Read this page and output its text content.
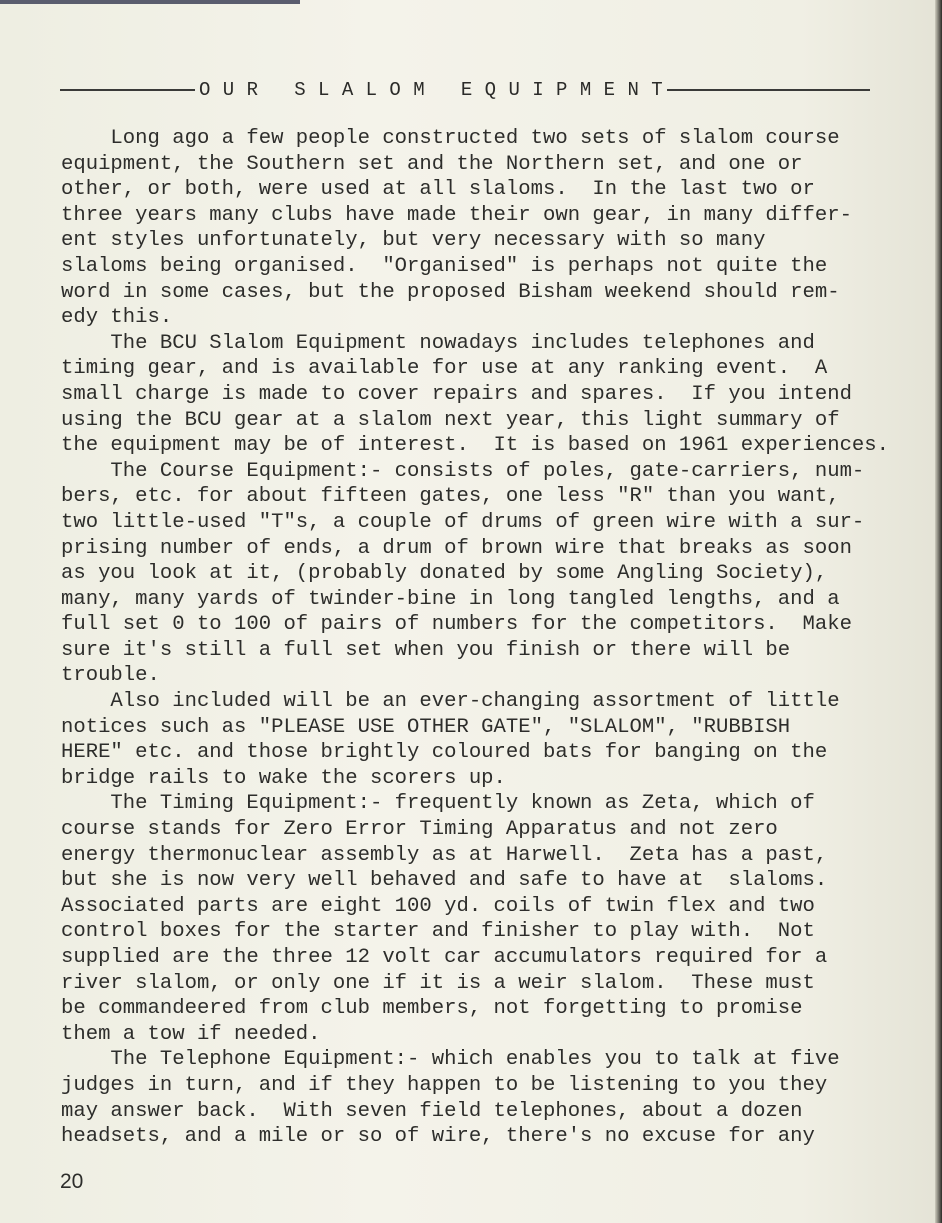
O U R   S L A L O M   E Q U I P M E N T
Long ago a few people constructed two sets of slalom course
equipment, the Southern set and the Northern set, and one or
other, or both, were used at all slaloms.  In the last two or
three years many clubs have made their own gear, in many differ-
ent styles unfortunately, but very necessary with so many
slaloms being organised.  "Organised" is perhaps not quite the
word in some cases, but the proposed Bisham weekend should rem-
edy this.
The BCU Slalom Equipment nowadays includes telephones and
timing gear, and is available for use at any ranking event.  A
small charge is made to cover repairs and spares.  If you intend
using the BCU gear at a slalom next year, this light summary of
the equipment may be of interest.  It is based on 1961 experiences.
The Course Equipment:- consists of poles, gate-carriers, num-
bers, etc. for about fifteen gates, one less "R" than you want,
two little-used "T"s, a couple of drums of green wire with a sur-
prising number of ends, a drum of brown wire that breaks as soon
as you look at it, (probably donated by some Angling Society),
many, many yards of twinder-bine in long tangled lengths, and a
full set 0 to 100 of pairs of numbers for the competitors.  Make
sure it's still a full set when you finish or there will be
trouble.
Also included will be an ever-changing assortment of little
notices such as "PLEASE USE OTHER GATE", "SLALOM", "RUBBISH
HERE" etc. and those brightly coloured bats for banging on the
bridge rails to wake the scorers up.
The Timing Equipment:- frequently known as Zeta, which of
course stands for Zero Error Timing Apparatus and not zero
energy thermonuclear assembly as at Harwell.  Zeta has a past,
but she is now very well behaved and safe to have at  slaloms.
Associated parts are eight 100 yd. coils of twin flex and two
control boxes for the starter and finisher to play with.  Not
supplied are the three 12 volt car accumulators required for a
river slalom, or only one if it is a weir slalom.  These must
be commandeered from club members, not forgetting to promise
them a tow if needed.
The Telephone Equipment:- which enables you to talk at five
judges in turn, and if they happen to be listening to you they
may answer back.  With seven field telephones, about a dozen
headsets, and a mile or so of wire, there's no excuse for any
20
